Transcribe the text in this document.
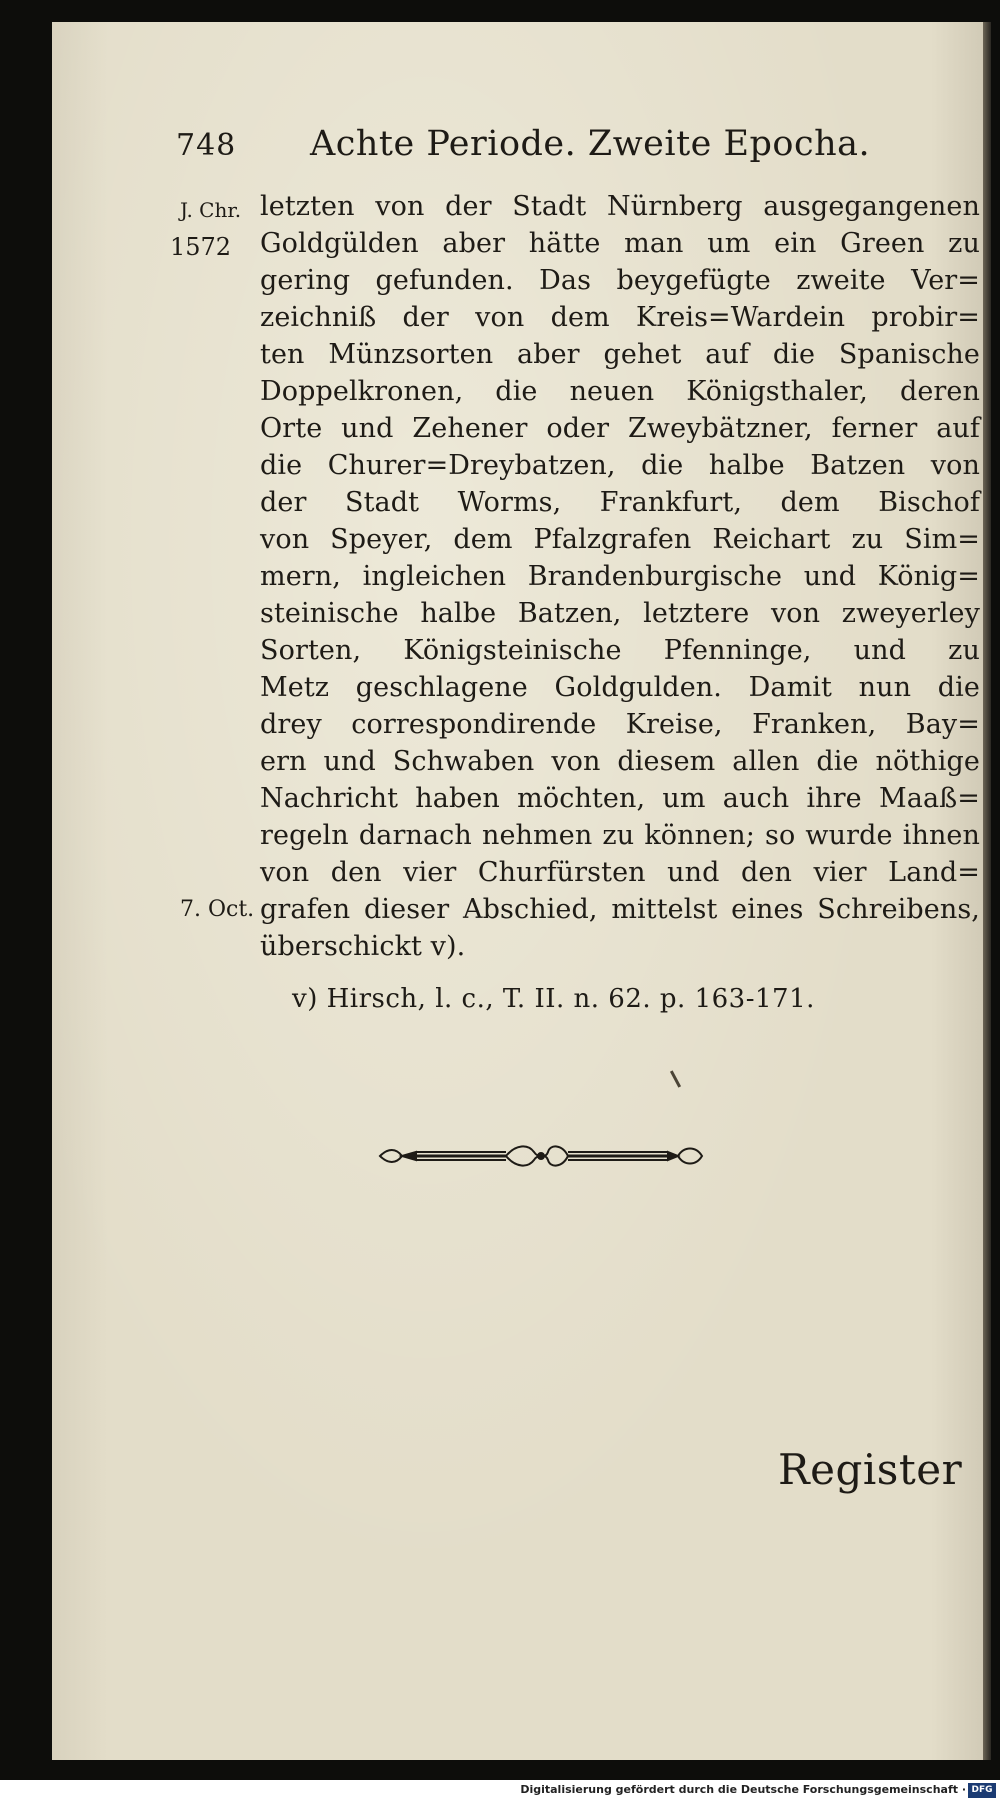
748 Achte Periode. Zweite Epocha.
J. Chr.
1572
7. Oct.
letzten von der Stadt Nürnberg ausgegangenen
Goldgülden aber hätte man um ein Green zu
gering gefunden. Das beygefügte zweite Ver=
zeichniß der von dem Kreis=Wardein probir=
ten Münzsorten aber gehet auf die Spanische
Doppelkronen, die neuen Königsthaler, deren
Orte und Zehener oder Zweybätzner, ferner auf
die Churer=Dreybatzen, die halbe Batzen von
der Stadt Worms, Frankfurt, dem Bischof
von Speyer, dem Pfalzgrafen Reichart zu Sim=
mern, ingleichen Brandenburgische und König=
steinische halbe Batzen, letztere von zweyerley
Sorten, Königsteinische Pfenninge, und zu
Metz geschlagene Goldgulden. Damit nun die
drey correspondirende Kreise, Franken, Bay=
ern und Schwaben von diesem allen die nöthige
Nachricht haben möchten, um auch ihre Maaß=
regeln darnach nehmen zu können; so wurde ihnen
von den vier Churfürsten und den vier Land=
grafen dieser Abschied, mittelst eines Schreibens,
überschickt v).
v) Hirsch, l. c., T. II. n. 62. p. 163-171.
Register
Digitalisierung gefördert durch die Deutsche Forschungsgemeinschaft · DFG
